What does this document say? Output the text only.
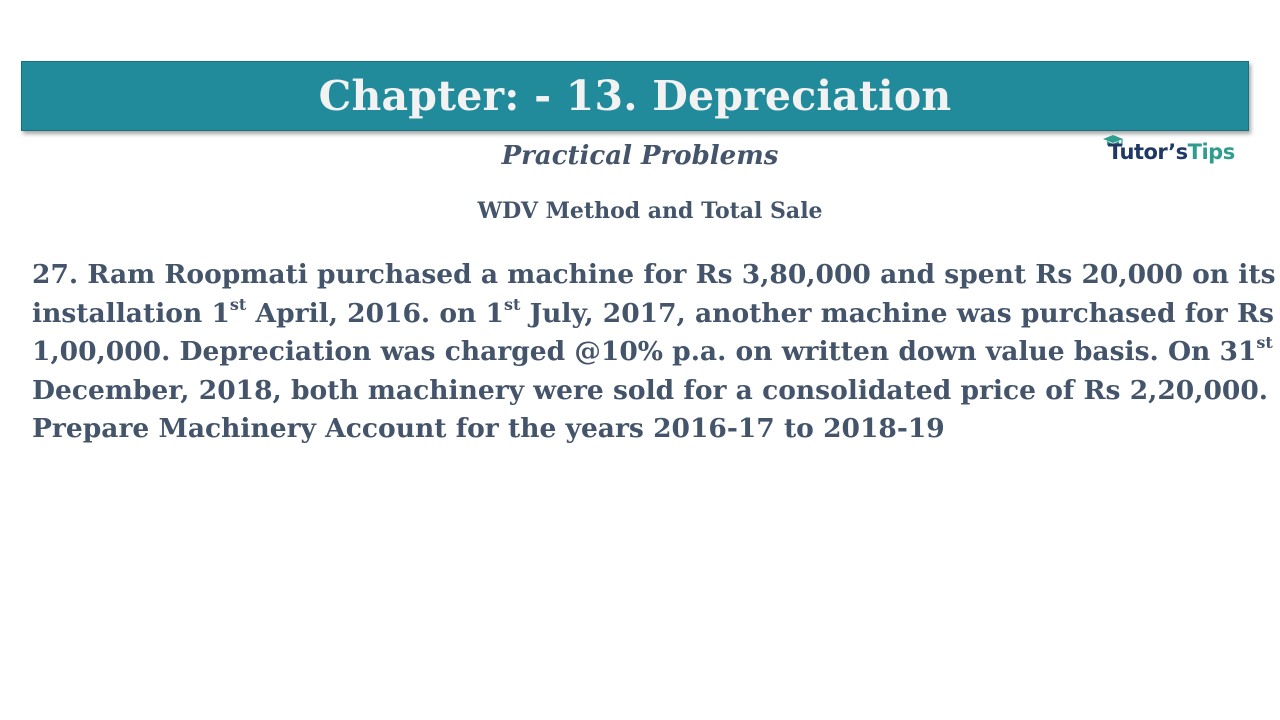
Chapter: - 13. Depreciation
Practical Problems
WDV Method and Total Sale
Tutor’sTips
27. Ram Roopmati purchased a machine for Rs 3,80,000 and spent Rs 20,000 on its
installation 1st April, 2016. on 1st July, 2017, another machine was purchased for Rs
1,00,000. Depreciation was charged @10% p.a. on written down value basis. On 31st
December, 2018, both machinery were sold for a consolidated price of Rs 2,20,000.
Prepare Machinery Account for the years 2016-17 to 2018-19
